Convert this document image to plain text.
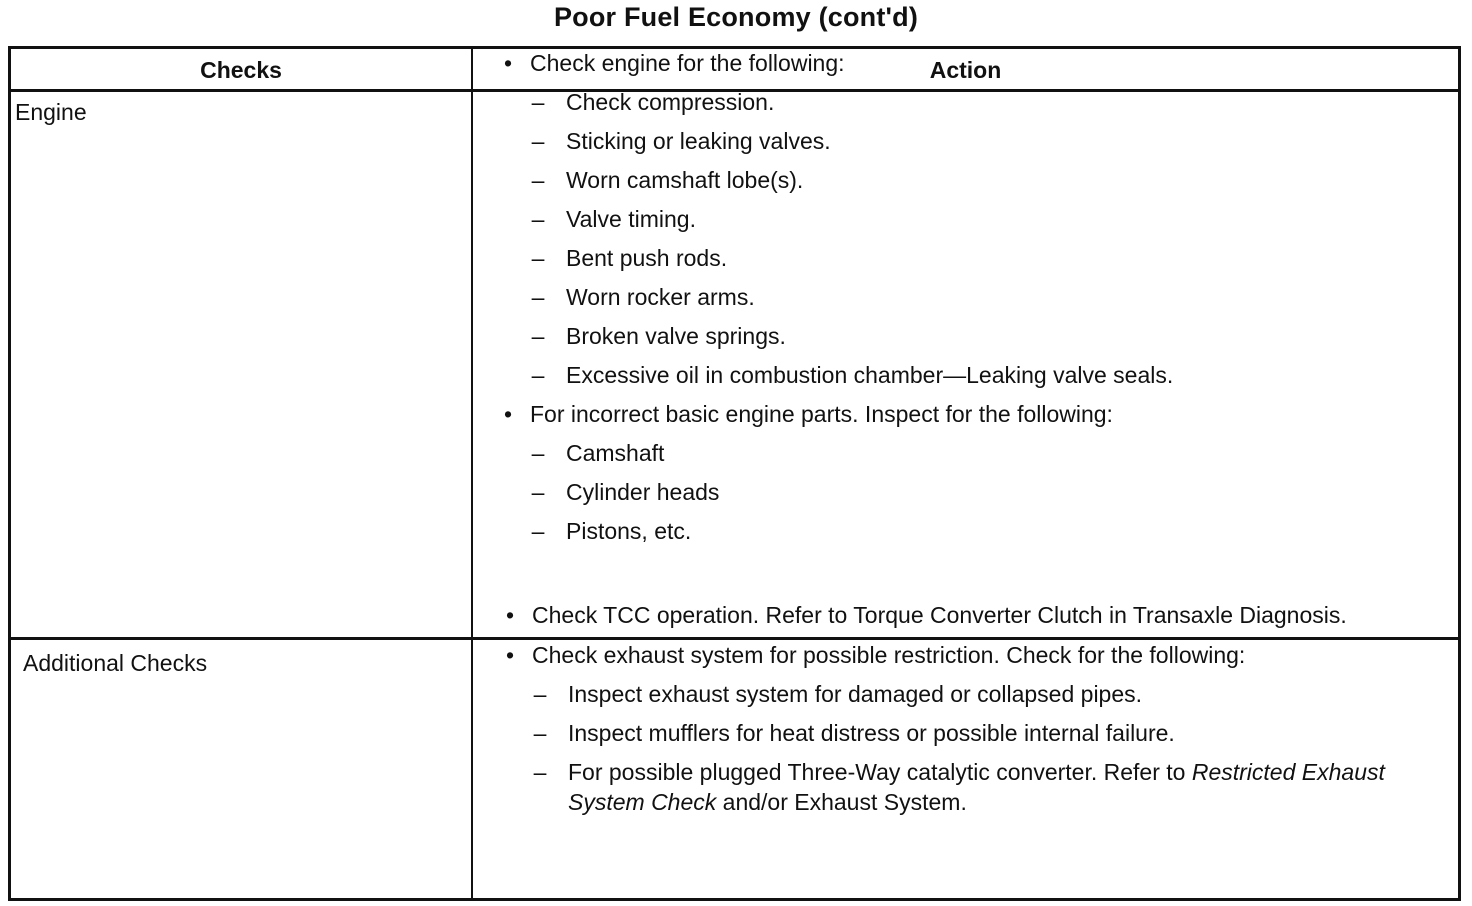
Poor Fuel Economy (cont'd)
Checks	Action
Engine
Additional Checks
• Check engine for the following:
– Check compression.
– Sticking or leaking valves.
– Worn camshaft lobe(s).
– Valve timing.
– Bent push rods.
– Worn rocker arms.
– Broken valve springs.
– Excessive oil in combustion chamber—Leaking valve seals.
• For incorrect basic engine parts. Inspect for the following:
– Camshaft
– Cylinder heads
– Pistons, etc.
• Check TCC operation. Refer to Torque Converter Clutch in Transaxle Diagnosis.
• Check exhaust system for possible restriction. Check for the following:
– Inspect exhaust system for damaged or collapsed pipes.
– Inspect mufflers for heat distress or possible internal failure.
– For possible plugged Three-Way catalytic converter. Refer to Restricted Exhaust System Check and/or Exhaust System.
